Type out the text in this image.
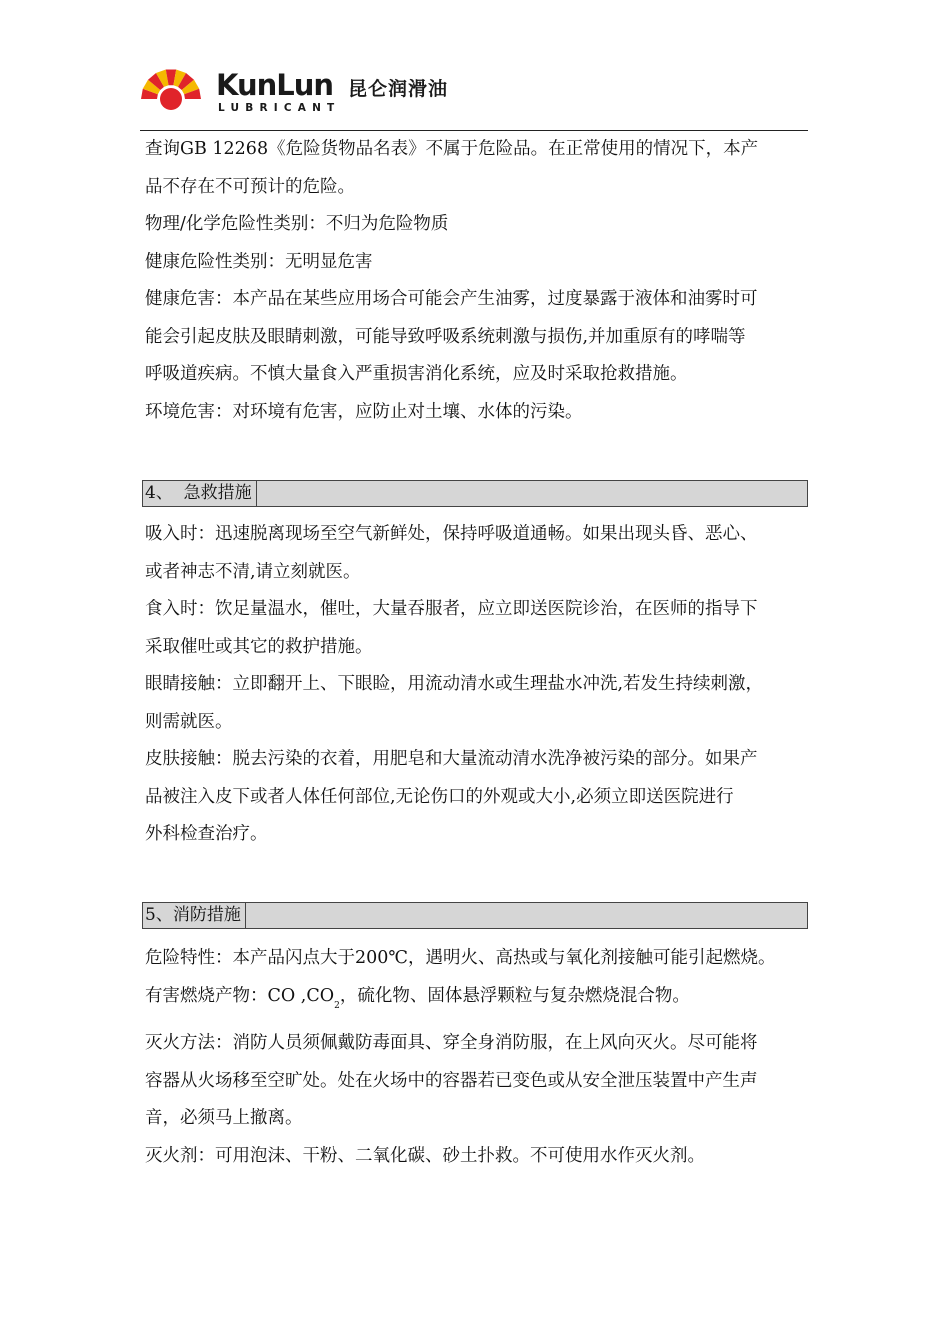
KunLun 昆仑润滑油
LUBRICANT
查询GB 12268《危险货物品名表》不属于危险品。在正常使用的情况下，本产
品不存在不可预计的危险。
物理/化学危险性类别：不归为危险物质
健康危险性类别：无明显危害
健康危害：本产品在某些应用场合可能会产生油雾，过度暴露于液体和油雾时可
能会引起皮肤及眼睛刺激，可能导致呼吸系统刺激与损伤,并加重原有的哮喘等
呼吸道疾病。不慎大量食入严重损害消化系统，应及时采取抢救措施。
环境危害：对环境有危害，应防止对土壤、水体的污染。
4、  急救措施
吸入时：迅速脱离现场至空气新鲜处，保持呼吸道通畅。如果出现头昏、恶心、
或者神志不清,请立刻就医。
食入时：饮足量温水，催吐，大量吞服者，应立即送医院诊治，在医师的指导下
采取催吐或其它的救护措施。
眼睛接触：立即翻开上、下眼睑，用流动清水或生理盐水冲洗,若发生持续刺激，
则需就医。
皮肤接触：脱去污染的衣着，用肥皂和大量流动清水洗净被污染的部分。如果产
品被注入皮下或者人体任何部位,无论伤口的外观或大小,必须立即送医院进行
外科检查治疗。
5、消防措施
危险特性：本产品闪点大于200℃，遇明火、高热或与氧化剂接触可能引起燃烧。
有害燃烧产物：CO $,CO_2$，硫化物、固体悬浮颗粒与复杂燃烧混合物。
灭火方法：消防人员须佩戴防毒面具、穿全身消防服，在上风向灭火。尽可能将
容器从火场移至空旷处。处在火场中的容器若已变色或从安全泄压装置中产生声
音，必须马上撤离。
灭火剂：可用泡沫、干粉、二氧化碳、砂土扑救。不可使用水作灭火剂。
